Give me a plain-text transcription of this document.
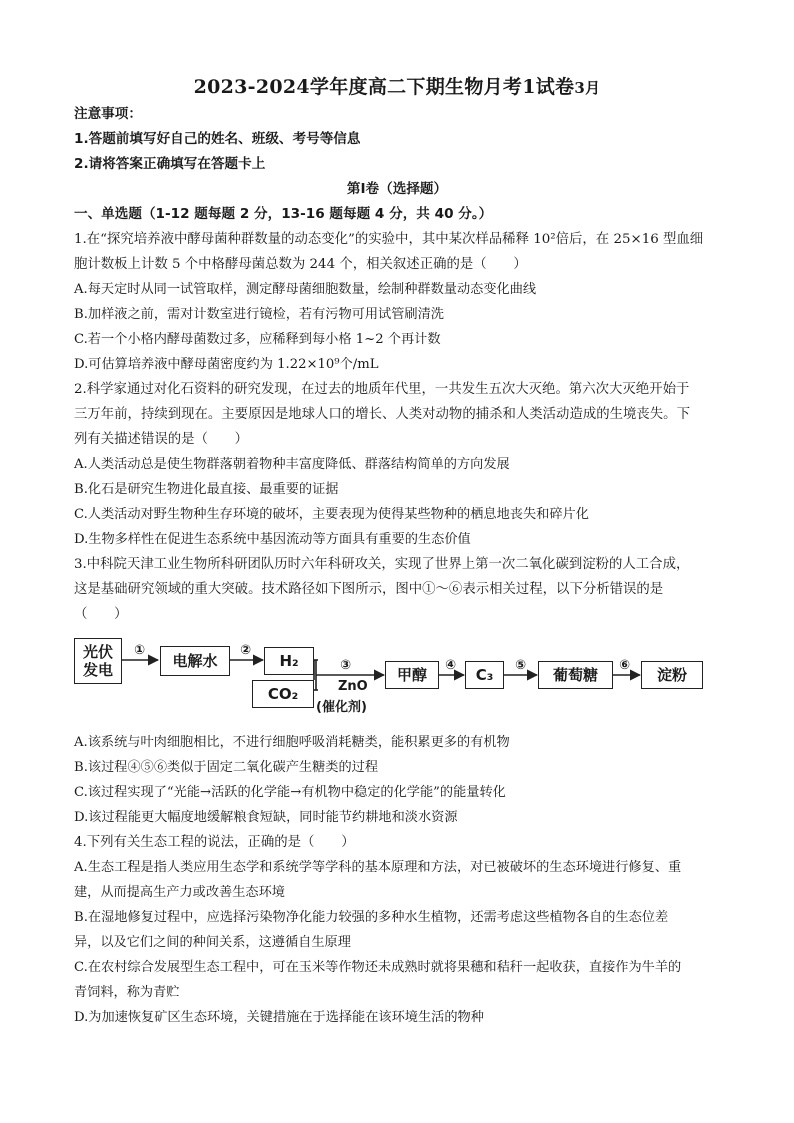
2023-2024学年度高二下期生物月考1试卷3月
注意事项：
1.答题前填写好自己的姓名、班级、考号等信息
2.请将答案正确填写在答题卡上
第I卷（选择题）
一、单选题（1-12 题每题 2 分，13-16 题每题 4 分，共 40 分。）
1.在“探究培养液中酵母菌种群数量的动态变化”的实验中，其中某次样品稀释 10²倍后，在 25×16 型血细
胞计数板上计数 5 个中格酵母菌总数为 244 个，相关叙述正确的是（　　）
A.每天定时从同一试管取样，测定酵母菌细胞数量，绘制种群数量动态变化曲线
B.加样液之前，需对计数室进行镜检，若有污物可用试管刷清洗
C.若一个小格内酵母菌数过多，应稀释到每小格 1~2 个再计数
D.可估算培养液中酵母菌密度约为 1.22×10⁹个/mL
2.科学家通过对化石资料的研究发现，在过去的地质年代里，一共发生五次大灭绝。第六次大灭绝开始于
三万年前，持续到现在。主要原因是地球人口的增长、人类对动物的捕杀和人类活动造成的生境丧失。下
列有关描述错误的是（　　）
A.人类活动总是使生物群落朝着物种丰富度降低、群落结构简单的方向发展
B.化石是研究生物进化最直接、最重要的证据
C.人类活动对野生物种生存环境的破坏，主要表现为使得某些物种的栖息地丧失和碎片化
D.生物多样性在促进生态系统中基因流动等方面具有重要的生态价值
3.中科院天津工业生物所科研团队历时六年科研攻关，实现了世界上第一次二氧化碳到淀粉的人工合成，
这是基础研究领域的重大突破。技术路径如下图所示，图中①～⑥表示相关过程，以下分析错误的是
（　　）
光伏
发电
①
电解水
②
H₂
CO₂
③
ZnO
(催化剂)
甲醇
④
C₃
⑤
葡萄糖
⑥
淀粉
A.该系统与叶肉细胞相比，不进行细胞呼吸消耗糖类，能积累更多的有机物
B.该过程④⑤⑥类似于固定二氧化碳产生糖类的过程
C.该过程实现了“光能→活跃的化学能→有机物中稳定的化学能”的能量转化
D.该过程能更大幅度地缓解粮食短缺，同时能节约耕地和淡水资源
4.下列有关生态工程的说法，正确的是（　　）
A.生态工程是指人类应用生态学和系统学等学科的基本原理和方法，对已被破坏的生态环境进行修复、重
建，从而提高生产力或改善生态环境
B.在湿地修复过程中，应选择污染物净化能力较强的多种水生植物，还需考虑这些植物各自的生态位差
异，以及它们之间的种间关系，这遵循自生原理
C.在农村综合发展型生态工程中，可在玉米等作物还未成熟时就将果穗和秸秆一起收获，直接作为牛羊的
青饲料，称为青贮
D.为加速恢复矿区生态环境，关键措施在于选择能在该环境生活的物种
